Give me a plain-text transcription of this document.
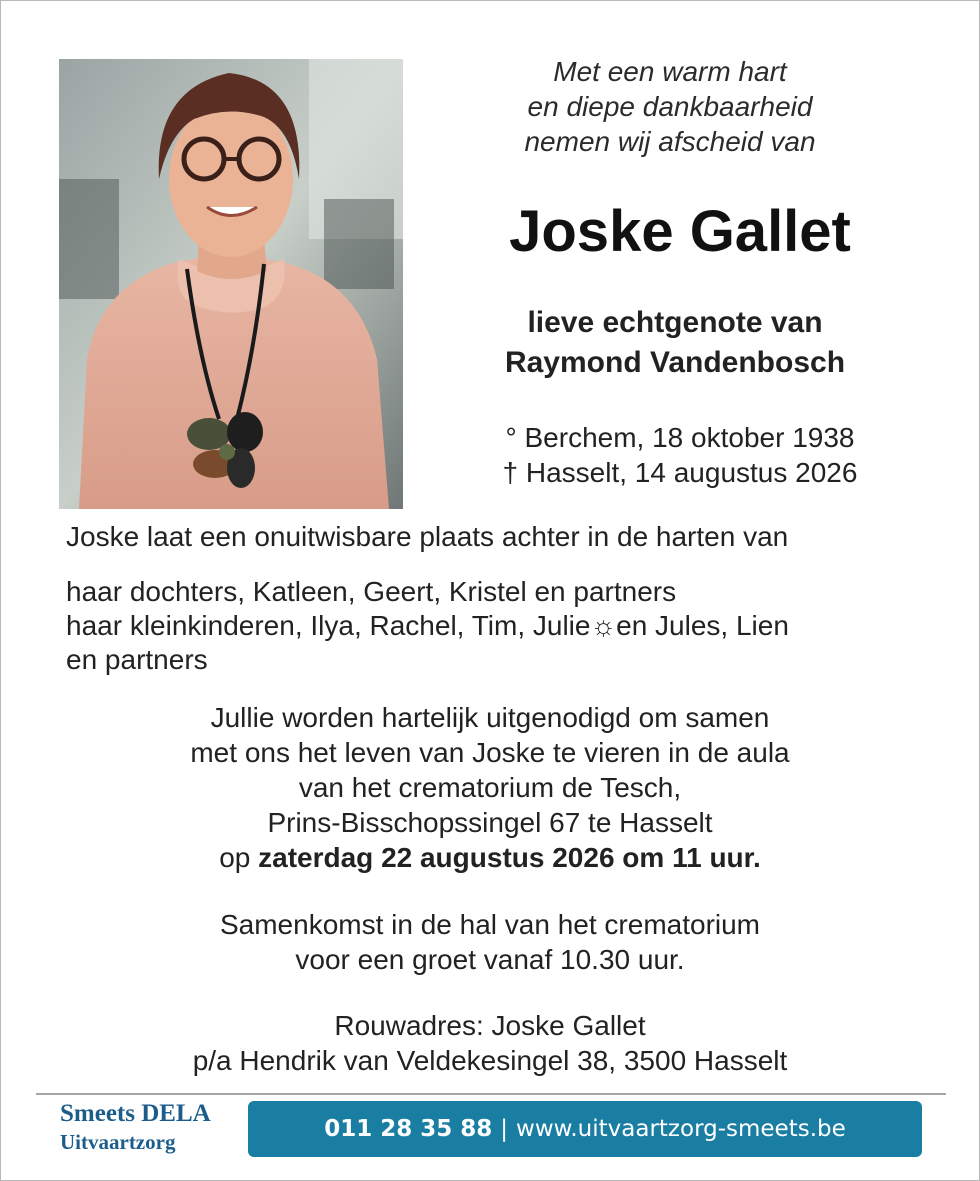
Met een warm hart
en diepe dankbaarheid
nemen wij afscheid van
Joske Gallet
lieve echtgenote van
Raymond Vandenbosch
° Berchem, 18 oktober 1938
† Hasselt, 14 augustus 2026
Joske laat een onuitwisbare plaats achter in de harten van
haar dochters, Katleen, Geert, Kristel en partners
haar kleinkinderen, Ilya, Rachel, Tim, Julie☼en Jules, Lien
en partners
Jullie worden hartelijk uitgenodigd om samen
met ons het leven van Joske te vieren in de aula
van het crematorium de Tesch,
Prins-Bisschopssingel 67 te Hasselt
op zaterdag 22 augustus 2026 om 11 uur.
Samenkomst in de hal van het crematorium
voor een groet vanaf 10.30 uur.
Rouwadres: Joske Gallet
p/a Hendrik van Veldekesingel 38, 3500 Hasselt
Smeets DELA
Uitvaartzorg	011 28 35 88 | www.uitvaartzorg-smeets.be
